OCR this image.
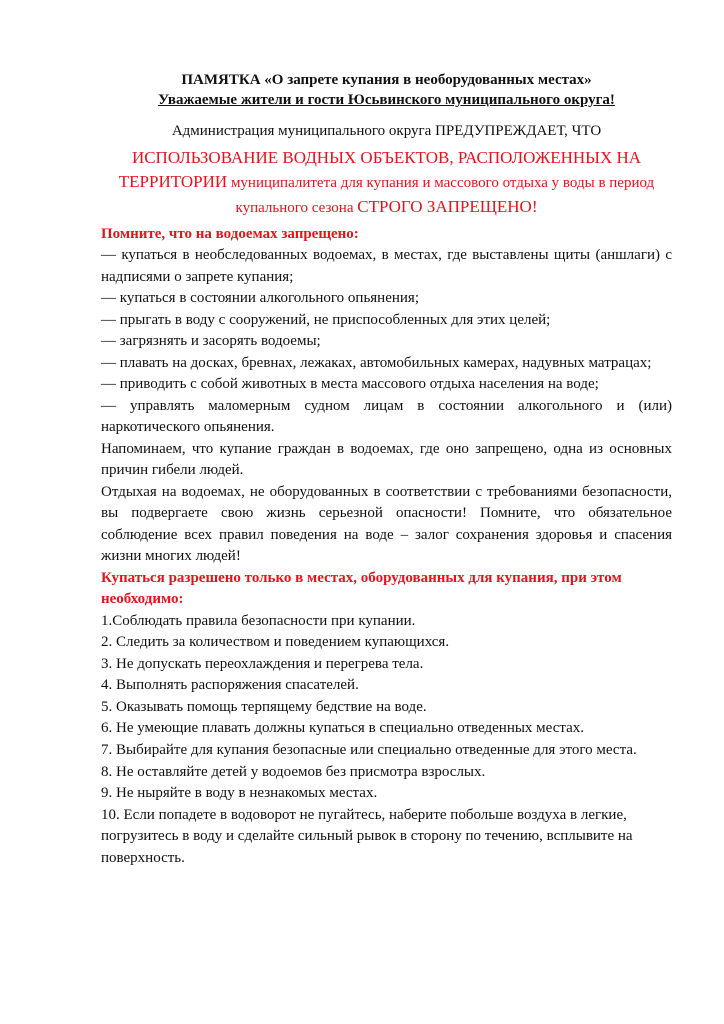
ПАМЯТКА «О запрете купания в необорудованных местах»

Уважаемые жители и гости Юсьвинского муниципального округа!

Администрация муниципального округа ПРЕДУПРЕЖДАЕТ, ЧТО
ИСПОЛЬЗОВАНИЕ ВОДНЫХ ОБЪЕКТОВ, РАСПОЛОЖЕННЫХ НА ТЕРРИТОРИИ муниципалитета для купания и массового отдыха у воды в период купального сезона СТРОГО ЗАПРЕЩЕНО!
Помните, что на водоемах запрещено:

— купаться в необследованных водоемах, в местах, где выставлены щиты (аншлаги) с надписями о запрете купания;

— купаться в состоянии алкогольного опьянения;

— прыгать в воду с сооружений, не приспособленных для этих целей;

— загрязнять и засорять водоемы;

— плавать на досках, бревнах, лежаках, автомобильных камерах, надувных матрацах;

— приводить с собой животных в места массового отдыха населения на воде;

— управлять маломерным судном лицам в состоянии алкогольного и (или) наркотического опьянения.

Напоминаем, что купание граждан в водоемах, где оно запрещено, одна из основных причин гибели людей.

Отдыхая на водоемах, не оборудованных в соответствии с требованиями безопасности, вы подвергаете свою жизнь серьезной опасности! Помните, что обязательное соблюдение всех правил поведения на воде – залог сохранения здоровья и спасения жизни многих людей!

Купаться разрешено только в местах, оборудованных для купания, при этом необходимо:

1.Соблюдать правила безопасности при купании.

2. Следить за количеством и поведением купающихся.

3. Не допускать переохлаждения и перегрева тела.

4. Выполнять распоряжения спасателей.

5. Оказывать помощь терпящему бедствие на воде.

6. Не умеющие плавать должны купаться в специально отведенных местах.

7. Выбирайте для купания безопасные или специально отведенные для этого места.

8. Не оставляйте детей у водоемов без присмотра взрослых.

9. Не ныряйте в воду в незнакомых местах.

10. Если попадете в водоворот не пугайтесь, наберите побольше воздуха в легкие, погрузитесь в воду и сделайте сильный рывок в сторону по течению, всплывите на поверхность.
